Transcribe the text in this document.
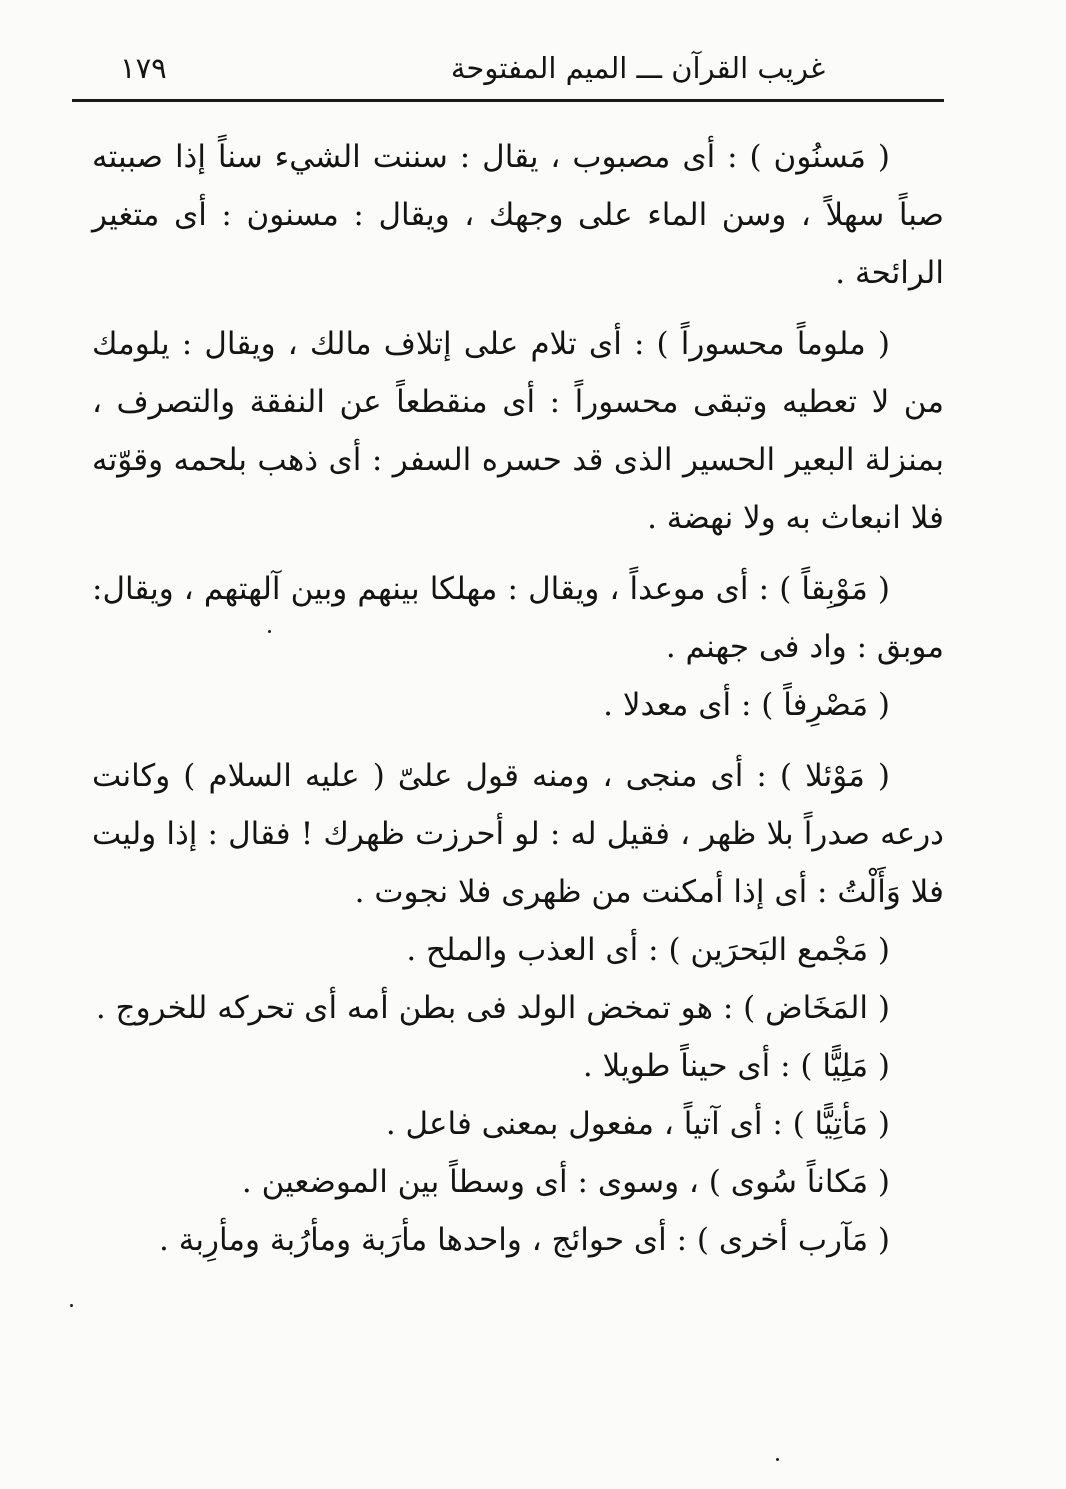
غريب القرآن ـــ الميم المفتوحة
١٧٩

( مَسنُون ) : أى مصبوب ، يقال : سننت الشيء سناً إذا صببته صباً سهلاً ، وسن الماء على وجهك ، ويقال : مسنون : أى متغير الرائحة .

( ملوماً محسوراً ) : أى تلام على إتلاف مالك ، ويقال : يلومك من لا تعطيه وتبقى محسوراً : أى منقطعاً عن النفقة والتصرف ، بمنزلة البعير الحسير الذى قد حسره السفر : أى ذهب بلحمه وقوّته فلا انبعاث به ولا نهضة .

( مَوْبِقاً ) : أى موعداً ، ويقال : مهلكا بينهم وبين آلهتهم ، ويقال: موبق : واد فى جهنم .

( مَصْرِفاً ) : أى معدلا .

( مَوْئلا ) : أى منجى ، ومنه قول علىّ ( عليه السلام ) وكانت درعه صدراً بلا ظهر ، فقيل له : لو أحرزت ظهرك ! فقال : إذا وليت فلا وَأَلْتُ : أى إذا أمكنت من ظهرى فلا نجوت .

( مَجْمع البَحرَين ) : أى العذب والملح .

( المَخَاض ) : هو تمخض الولد فى بطن أمه أى تحركه للخروج .

( مَلِيًّا ) : أى حيناً طويلا .

( مَأتِيًّا ) : أى آتياً ، مفعول بمعنى فاعل .

( مَكاناً سُوى ) ، وسوى : أى وسطاً بين الموضعين .

( مَآرب أخرى ) : أى حوائج ، واحدها مأرَبة ومأرُبة ومأرِبة .
